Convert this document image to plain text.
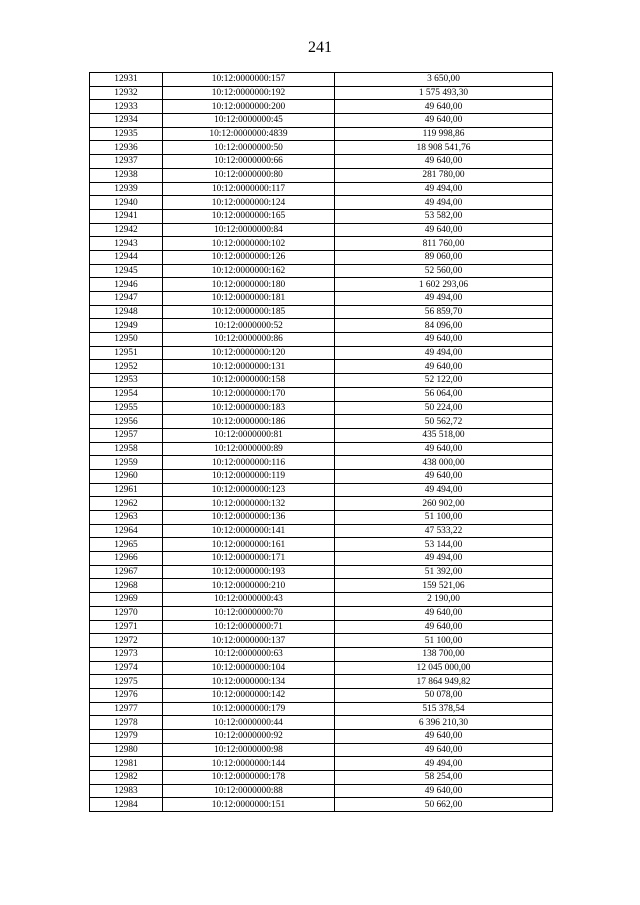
241
12931	10:12:0000000:157	3 650,00
12932	10:12:0000000:192	1 575 493,30
12933	10:12:0000000:200	49 640,00
12934	10:12:0000000:45	49 640,00
12935	10:12:0000000:4839	119 998,86
12936	10:12:0000000:50	18 908 541,76
12937	10:12:0000000:66	49 640,00
12938	10:12:0000000:80	281 780,00
12939	10:12:0000000:117	49 494,00
12940	10:12:0000000:124	49 494,00
12941	10:12:0000000:165	53 582,00
12942	10:12:0000000:84	49 640,00
12943	10:12:0000000:102	811 760,00
12944	10:12:0000000:126	89 060,00
12945	10:12:0000000:162	52 560,00
12946	10:12:0000000:180	1 602 293,06
12947	10:12:0000000:181	49 494,00
12948	10:12:0000000:185	56 859,70
12949	10:12:0000000:52	84 096,00
12950	10:12:0000000:86	49 640,00
12951	10:12:0000000:120	49 494,00
12952	10:12:0000000:131	49 640,00
12953	10:12:0000000:158	52 122,00
12954	10:12:0000000:170	56 064,00
12955	10:12:0000000:183	50 224,00
12956	10:12:0000000:186	50 562,72
12957	10:12:0000000:81	435 518,00
12958	10:12:0000000:89	49 640,00
12959	10:12:0000000:116	438 000,00
12960	10:12:0000000:119	49 640,00
12961	10:12:0000000:123	49 494,00
12962	10:12:0000000:132	260 902,00
12963	10:12:0000000:136	51 100,00
12964	10:12:0000000:141	47 533,22
12965	10:12:0000000:161	53 144,00
12966	10:12:0000000:171	49 494,00
12967	10:12:0000000:193	51 392,00
12968	10:12:0000000:210	159 521,06
12969	10:12:0000000:43	2 190,00
12970	10:12:0000000:70	49 640,00
12971	10:12:0000000:71	49 640,00
12972	10:12:0000000:137	51 100,00
12973	10:12:0000000:63	138 700,00
12974	10:12:0000000:104	12 045 000,00
12975	10:12:0000000:134	17 864 949,82
12976	10:12:0000000:142	50 078,00
12977	10:12:0000000:179	515 378,54
12978	10:12:0000000:44	6 396 210,30
12979	10:12:0000000:92	49 640,00
12980	10:12:0000000:98	49 640,00
12981	10:12:0000000:144	49 494,00
12982	10:12:0000000:178	58 254,00
12983	10:12:0000000:88	49 640,00
12984	10:12:0000000:151	50 662,00
